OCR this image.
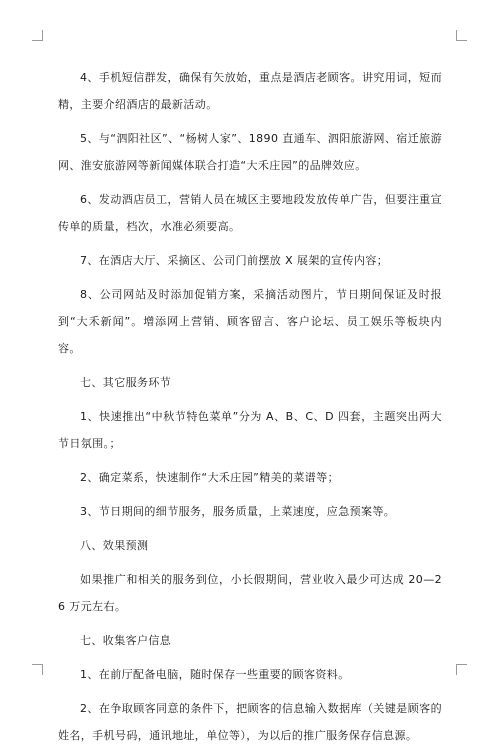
4、手机短信群发，确保有矢放始，重点是酒店老顾客。讲究用词，短而精，主要介绍酒店的最新活动。

5、与“泗阳社区”、“杨树人家”、1890 直通车、泗阳旅游网、宿迁旅游网、淮安旅游网等新闻媒体联合打造“大禾庄园”的品牌效应。

6、发动酒店员工，营销人员在城区主要地段发放传单广告，但要注重宣传单的质量，档次，水准必须要高。

7、在酒店大厅、采摘区、公司门前摆放 X 展架的宣传内容；

8、公司网站及时添加促销方案，采摘活动图片，节日期间保证及时报到“大禾新闻”。增添网上营销、顾客留言、客户论坛、员工娱乐等板块内容。

七、其它服务环节

1、快速推出“中秋节特色菜单”分为 A、B、C、D 四套，主题突出两大节日氛围。；

2、确定菜系，快速制作“大禾庄园”精美的菜谱等；

3、节日期间的细节服务，服务质量，上菜速度，应急预案等。

八、效果预测

如果推广和相关的服务到位，小长假期间，营业收入最少可达成 20—26 万元左右。

七、收集客户信息

1、在前厅配备电脑，随时保存一些重要的顾客资料。

2、在争取顾客同意的条件下，把顾客的信息输入数据库（关键是顾客的姓名，手机号码，通讯地址，单位等），为以后的推广服务保存信息源。
